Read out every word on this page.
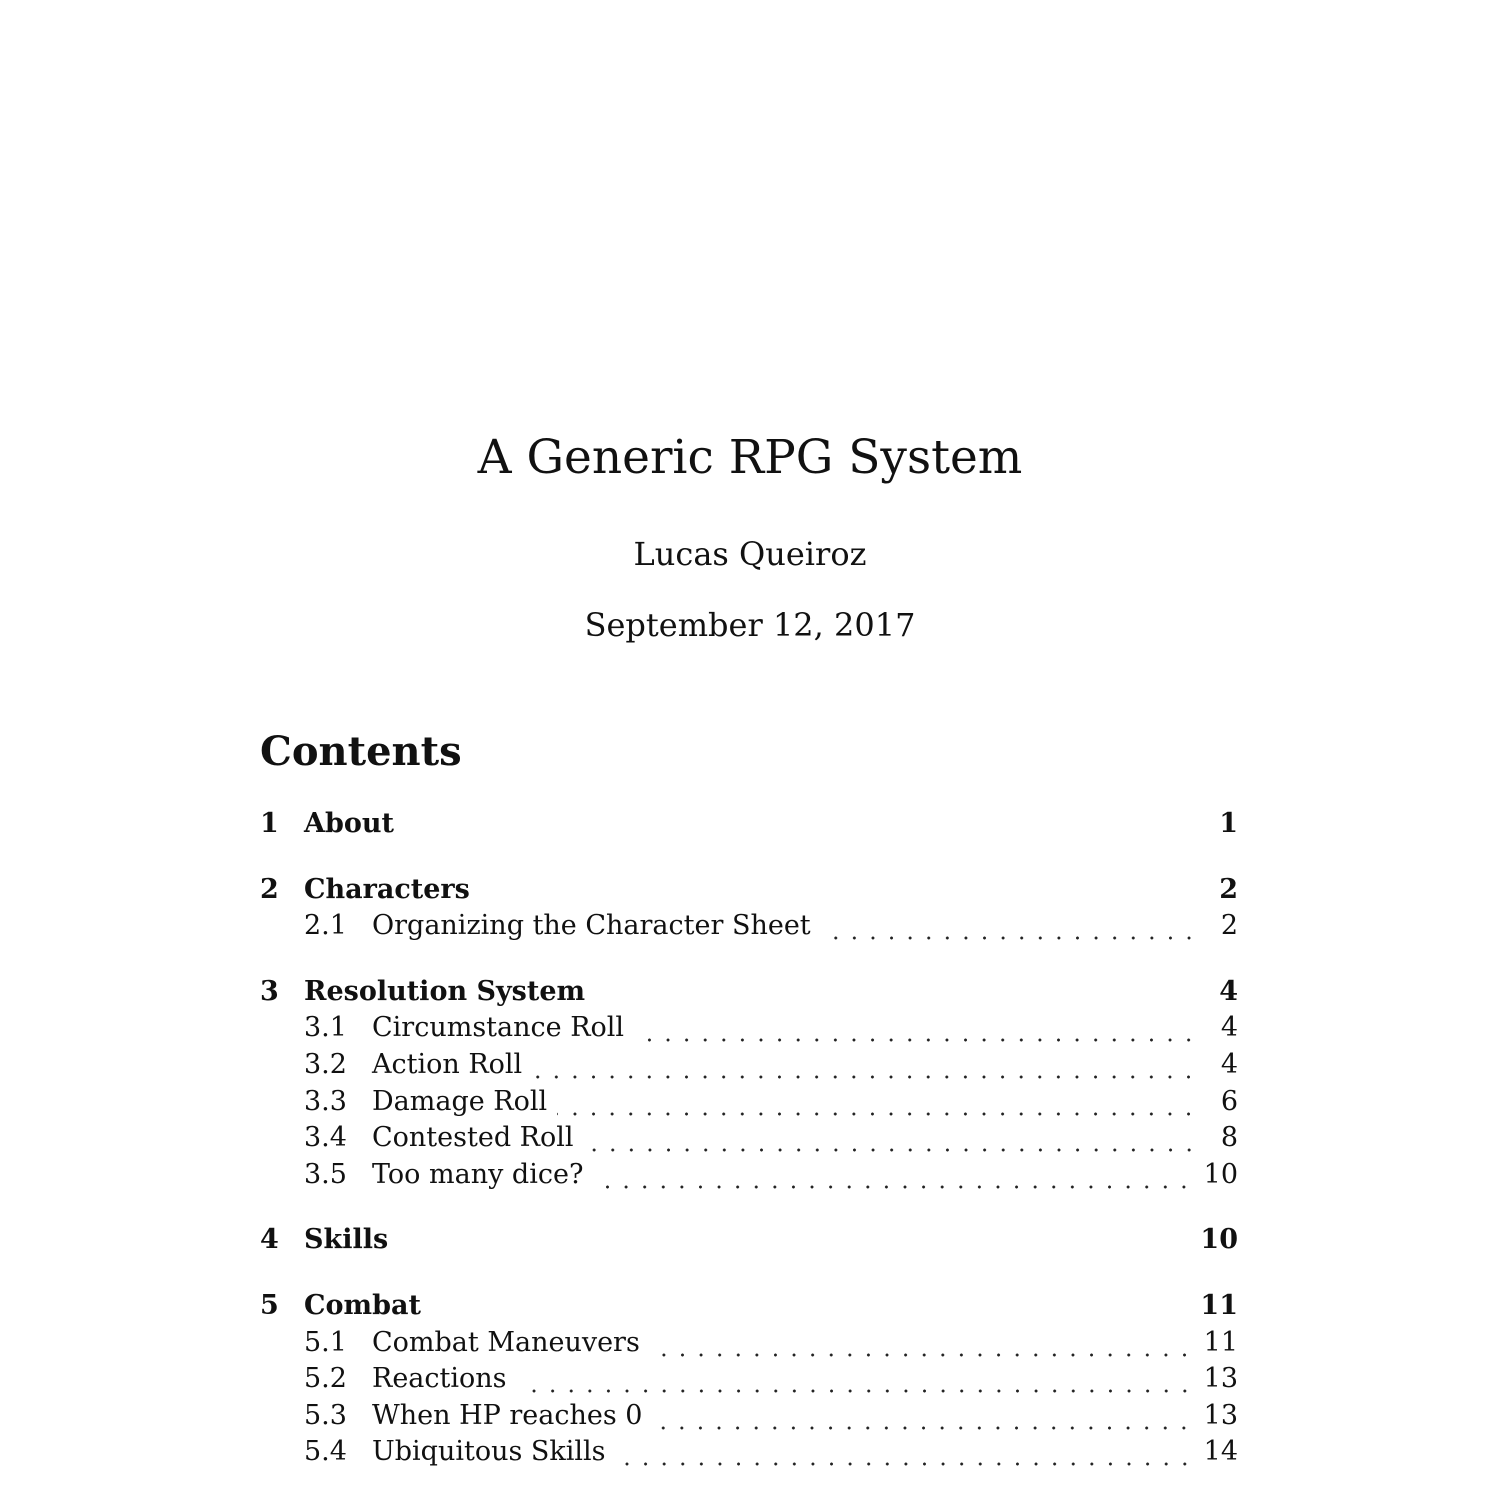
A Generic RPG System
Lucas Queiroz
September 12, 2017
Contents
1 About	1
2 Characters	2
2.1 Organizing the Character Sheet	2
3 Resolution System	4
3.1 Circumstance Roll	4
3.2 Action Roll	4
3.3 Damage Roll	6
3.4 Contested Roll	8
3.5 Too many dice?	10
4 Skills	10
5 Combat	11
5.1 Combat Maneuvers	11
5.2 Reactions	13
5.3 When HP reaches 0	13
5.4 Ubiquitous Skills	14
